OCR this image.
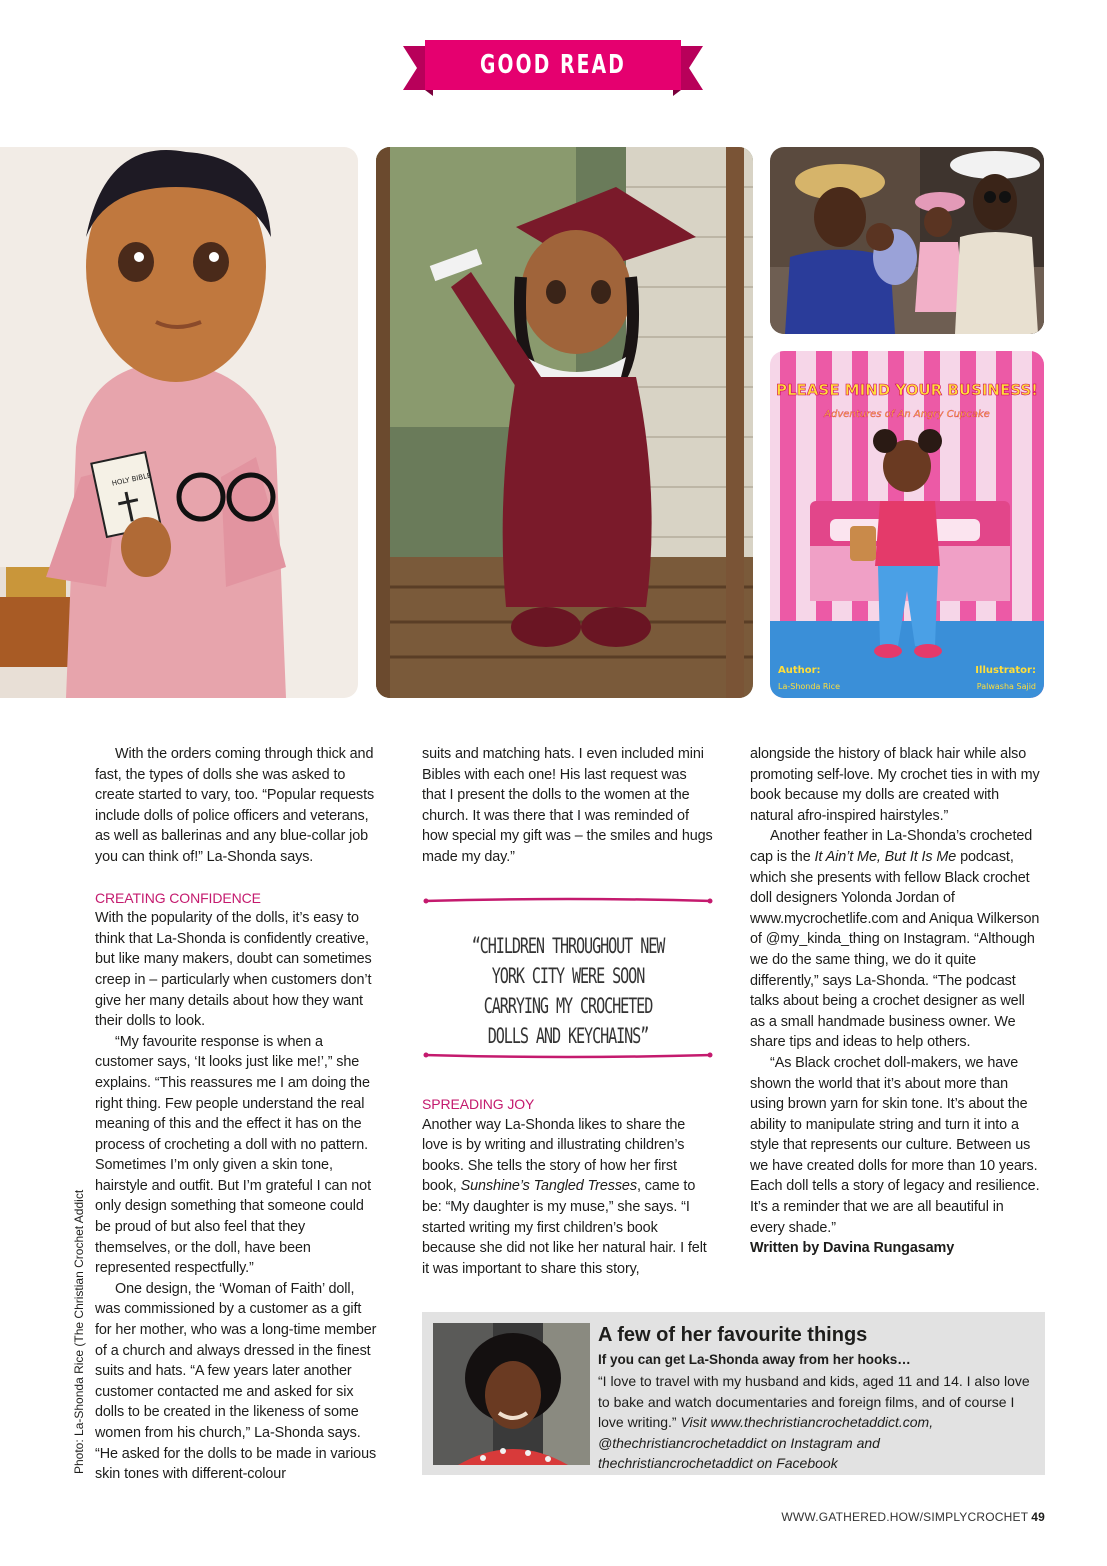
GOOD READ
HOLY BIBLE
PLEASE MIND YOUR BUSINESS!
Adventures of An Angry Cupcake
Author:
La-Shonda Rice
Illustrator:
Palwasha Sajid

With the orders coming through thick and fast, the types of dolls she was asked to create started to vary, too. “Popular requests include dolls of police officers and veterans, as well as ballerinas and any blue-collar job you can think of!” La-Shonda says.

CREATING CONFIDENCE

With the popularity of the dolls, it’s easy to think that La-Shonda is confidently creative, but like many makers, doubt can sometimes creep in – particularly when customers don’t give her many details about how they want their dolls to look.

“My favourite response is when a customer says, ‘It looks just like me!’,” she explains. “This reassures me I am doing the right thing. Few people understand the real meaning of this and the effect it has on the process of crocheting a doll with no pattern. Sometimes I’m only given a skin tone, hairstyle and outfit. But I’m grateful I can not only design something that someone could be proud of but also feel that they themselves, or the doll, have been represented respectfully.”

One design, the ‘Woman of Faith’ doll, was commissioned by a customer as a gift for her mother, who was a long-time member of a church and always dressed in the finest suits and hats. “A few years later another customer contacted me and asked for six dolls to be created in the likeness of some women from his church,” La-Shonda says. “He asked for the dolls to be made in various skin tones with different-colour

suits and matching hats. I even included mini Bibles with each one! His last request was that I present the dolls to the women at the church. It was there that I was reminded of how special my gift was – the smiles and hugs made my day.”

“CHILDREN THROUGHOUT NEW YORK CITY WERE SOON CARRYING MY CROCHETED DOLLS AND KEYCHAINS”
SPREADING JOY

Another way La-Shonda likes to share the love is by writing and illustrating children’s books. She tells the story of how her first book, Sunshine’s Tangled Tresses, came to be: “My daughter is my muse,” she says. “I started writing my first children’s book because she did not like her natural hair. I felt it was important to share this story,

alongside the history of black hair while also promoting self-love. My crochet ties in with my book because my dolls are created with natural afro-inspired hairstyles.”

Another feather in La-Shonda’s crocheted cap is the It Ain’t Me, But It Is Me podcast, which she presents with fellow Black crochet doll designers Yolonda Jordan of www.mycrochetlife.com and Aniqua Wilkerson of @my_kinda_thing on Instagram. “Although we do the same thing, we do it quite differently,” says La-Shonda. “The podcast talks about being a crochet designer as well as a small handmade business owner. We share tips and ideas to help others.

“As Black crochet doll-makers, we have shown the world that it’s about more than using brown yarn for skin tone. It’s about the ability to manipulate string and turn it into a style that represents our culture. Between us we have created dolls for more than 10 years. Each doll tells a story of legacy and resilience. It’s a reminder that we are all beautiful in every shade.”

Written by Davina Rungasamy

Photo: La-Shonda Rice (The Christian Crochet Addict	A few of her favourite things
If you can get La-Shonda away from her hooks…
“I love to travel with my husband and kids, aged 11 and 14. I also love to bake and watch documentaries and foreign films, and of course I love writing.” Visit www.thechristiancrochetaddict.com, @thechristiancrochetaddict on Instagram and thechristiancrochetaddict on Facebook
WWW.GATHERED.HOW/SIMPLYCROCHET 49
